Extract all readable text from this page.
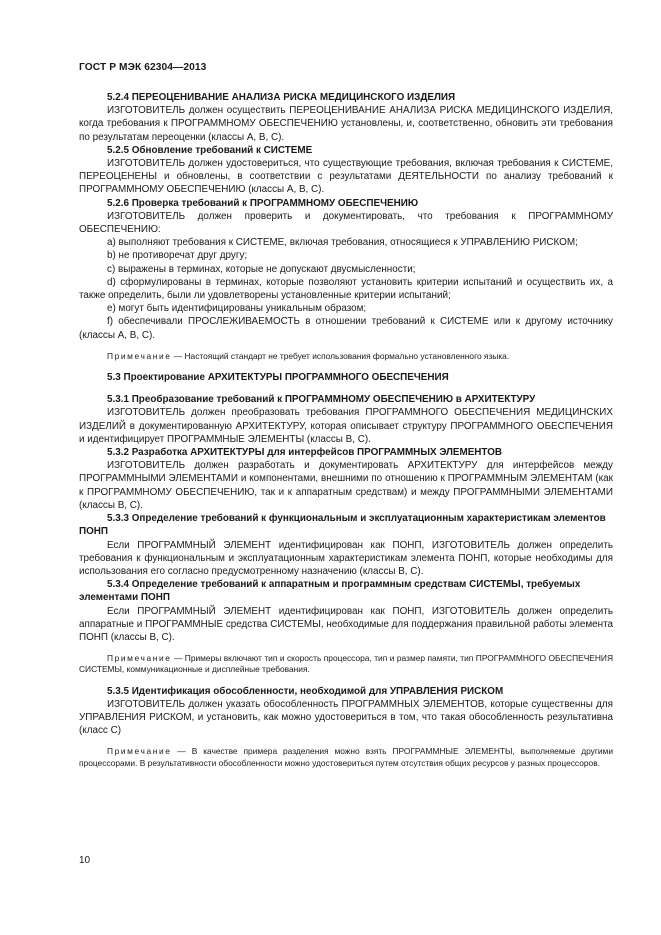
ГОСТ Р МЭК 62304—2013

5.2.4 ПЕРЕОЦЕНИВАНИЕ АНАЛИЗА РИСКА МЕДИЦИНСКОГО ИЗДЕЛИЯ

ИЗГОТОВИТЕЛЬ должен осуществить ПЕРЕОЦЕНИВАНИЕ АНАЛИЗА РИСКА МЕДИЦИНСКОГО ИЗДЕЛИЯ, когда требования к ПРОГРАММНОМУ ОБЕСПЕЧЕНИЮ установлены, и, соответственно, обновить эти требования по результатам переоценки (классы А, В, С).

5.2.5 Обновление требований к СИСТЕМЕ

ИЗГОТОВИТЕЛЬ должен удостовериться, что существующие требования, включая требования к СИСТЕМЕ, ПЕРЕОЦЕНЕНЫ и обновлены, в соответствии с результатами ДЕЯТЕЛЬНОСТИ по анализу требований к ПРОГРАММНОМУ ОБЕСПЕЧЕНИЮ (классы А, В, С).

5.2.6 Проверка требований к ПРОГРАММНОМУ ОБЕСПЕЧЕНИЮ

ИЗГОТОВИТЕЛЬ должен проверить и документировать, что требования к ПРОГРАММНОМУ ОБЕСПЕЧЕНИЮ:

a) выполняют требования к СИСТЕМЕ, включая требования, относящиеся к УПРАВЛЕНИЮ РИСКОМ;

b) не противоречат друг другу;

c) выражены в терминах, которые не допускают двусмысленности;

d) сформулированы в терминах, которые позволяют установить критерии испытаний и осуществить их, а также определить, были ли удовлетворены установленные критерии испытаний;

e) могут быть идентифицированы уникальным образом;

f) обеспечивали ПРОСЛЕЖИВАЕМОСТЬ в отношении требований к СИСТЕМЕ или к другому источнику (классы А, В, С).

Примечание — Настоящий стандарт не требует использования формально установленного языка.

5.3 Проектирование АРХИТЕКТУРЫ ПРОГРАММНОГО ОБЕСПЕЧЕНИЯ

5.3.1 Преобразование требований к ПРОГРАММНОМУ ОБЕСПЕЧЕНИЮ в АРХИТЕКТУРУ

ИЗГОТОВИТЕЛЬ должен преобразовать требования ПРОГРАММНОГО ОБЕСПЕЧЕНИЯ МЕДИЦИНСКИХ ИЗДЕЛИЙ в документированную АРХИТЕКТУРУ, которая описывает структуру ПРОГРАММНОГО ОБЕСПЕЧЕНИЯ и идентифицирует ПРОГРАММНЫЕ ЭЛЕМЕНТЫ (классы В, С).

5.3.2 Разработка АРХИТЕКТУРЫ для интерфейсов ПРОГРАММНЫХ ЭЛЕМЕНТОВ

ИЗГОТОВИТЕЛЬ должен разработать и документировать АРХИТЕКТУРУ для интерфейсов между ПРОГРАММНЫМИ ЭЛЕМЕНТАМИ и компонентами, внешними по отношению к ПРОГРАММНЫМ ЭЛЕМЕНТАМ (как к ПРОГРАММНОМУ ОБЕСПЕЧЕНИЮ, так и к аппаратным средствам) и между ПРОГРАММНЫМИ ЭЛЕМЕНТАМИ (классы В, С).

5.3.3 Определение требований к функциональным и эксплуатационным характеристикам элементов ПОНП

Если ПРОГРАММНЫЙ ЭЛЕМЕНТ идентифицирован как ПОНП, ИЗГОТОВИТЕЛЬ должен определить требования к функциональным и эксплуатационным характеристикам элемента ПОНП, которые необходимы для использования его согласно предусмотренному назначению (классы В, С).

5.3.4 Определение требований к аппаратным и программным средствам СИСТЕМЫ, требуемых элементами ПОНП

Если ПРОГРАММНЫЙ ЭЛЕМЕНТ идентифицирован как ПОНП, ИЗГОТОВИТЕЛЬ должен определить аппаратные и ПРОГРАММНЫЕ средства СИСТЕМЫ, необходимые для поддержания правильной работы элемента ПОНП (классы В, С).

Примечание — Примеры включают тип и скорость процессора, тип и размер памяти, тип ПРОГРАММНОГО ОБЕСПЕЧЕНИЯ СИСТЕМЫ, коммуникационные и дисплейные требования.

5.3.5 Идентификация обособленности, необходимой для УПРАВЛЕНИЯ РИСКОМ

ИЗГОТОВИТЕЛЬ должен указать обособленность ПРОГРАММНЫХ ЭЛЕМЕНТОВ, которые существенны для УПРАВЛЕНИЯ РИСКОМ, и установить, как можно удостовериться в том, что такая обособленность результативна (класс С)

Примечание — В качестве примера разделения можно взять ПРОГРАММНЫЕ ЭЛЕМЕНТЫ, выполняемые другими процессорами. В результативности обособленности можно удостовериться путем отсутствия общих ресурсов у разных процессоров.

10
